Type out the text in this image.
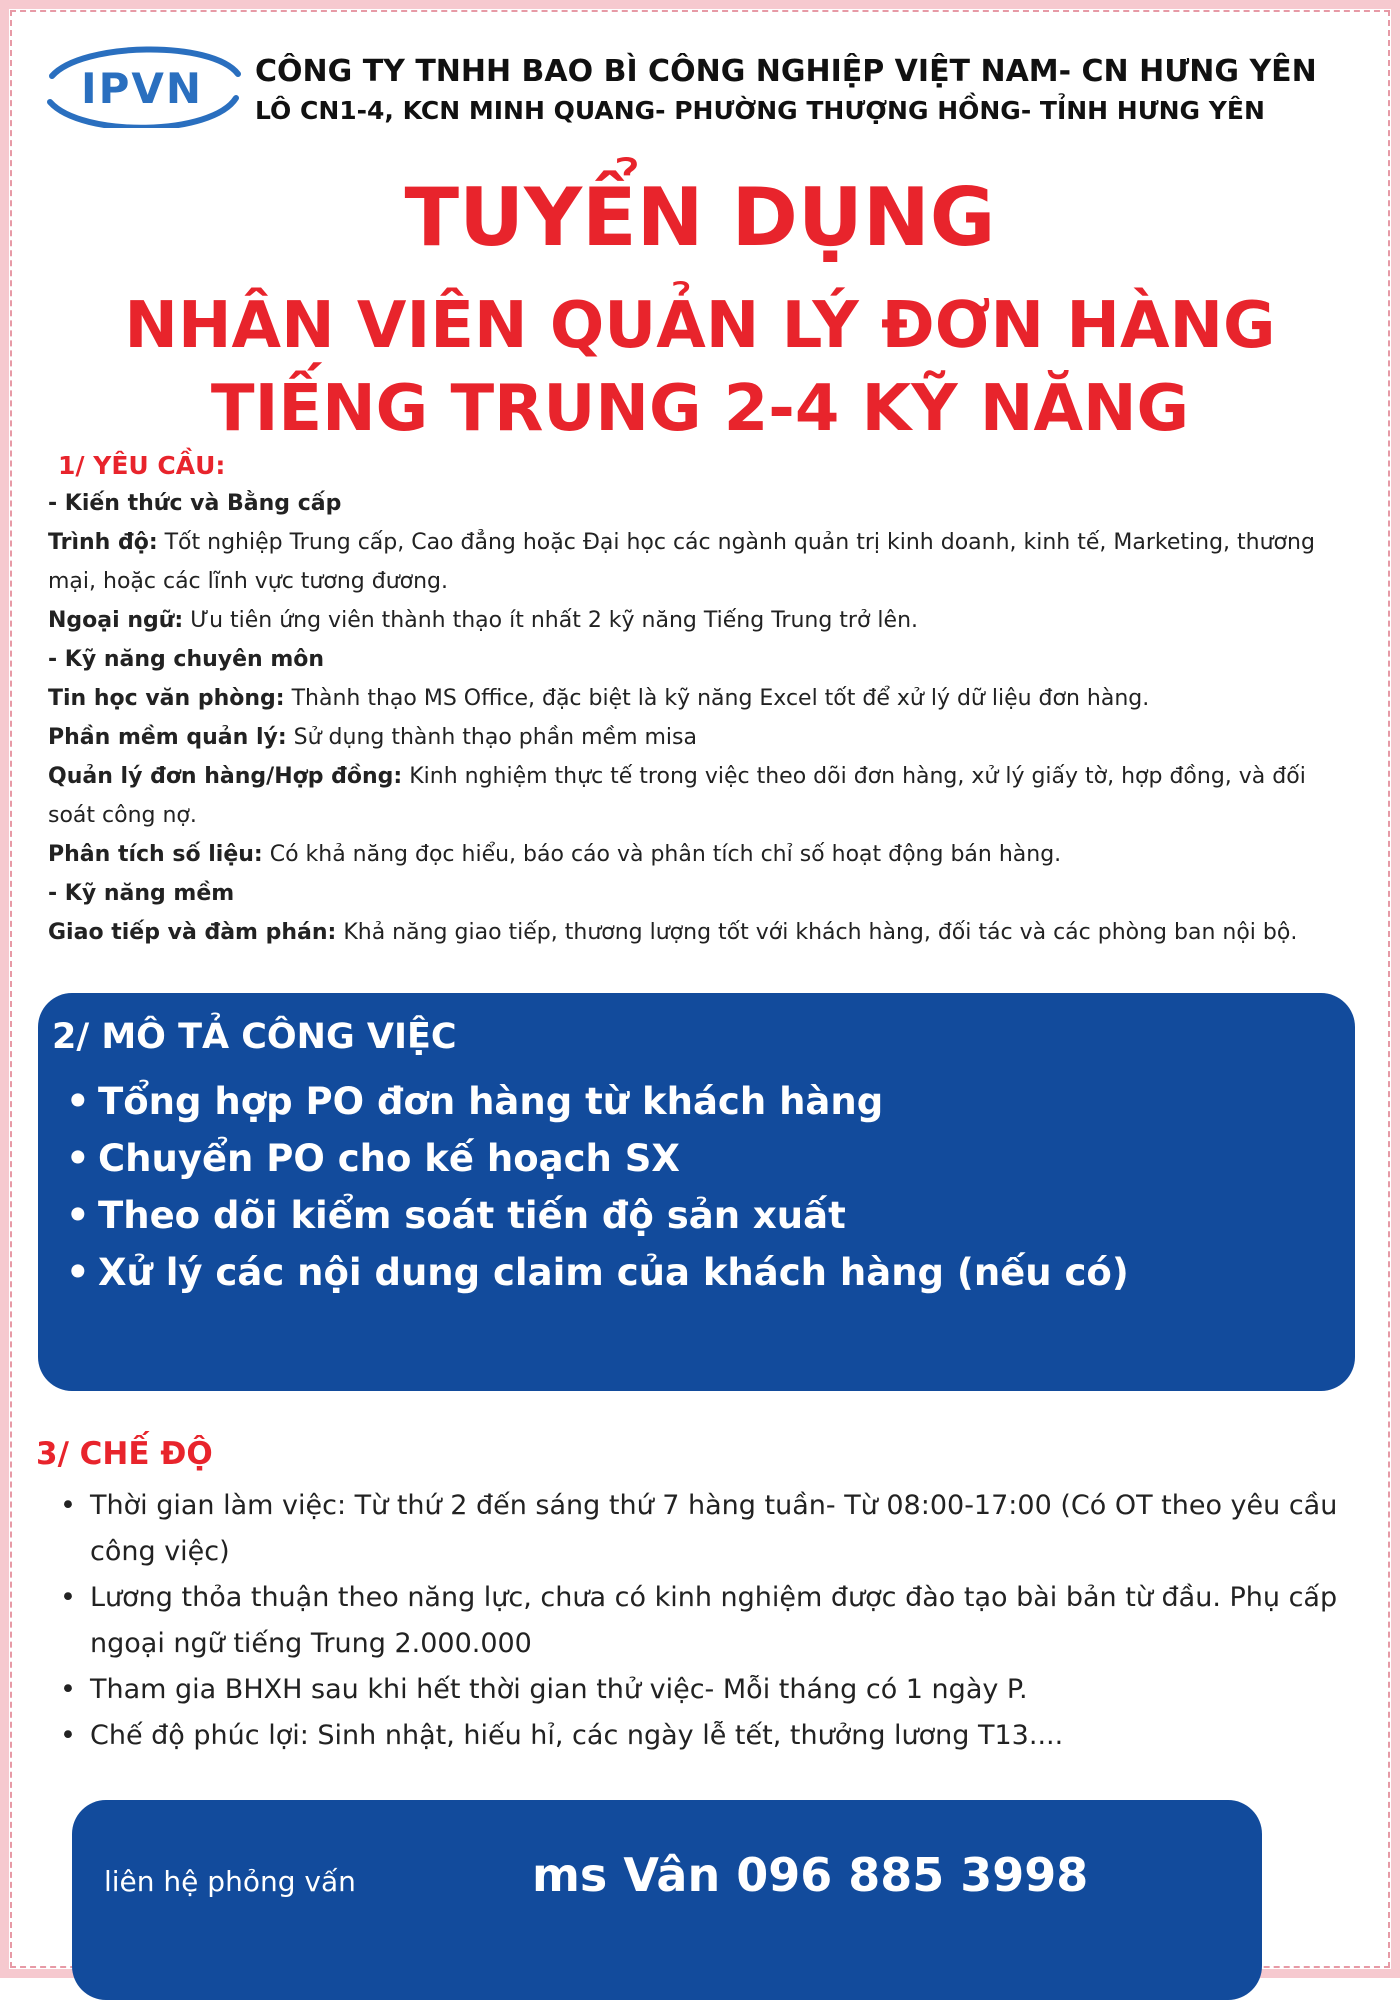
IPVN	CÔNG TY TNHH BAO BÌ CÔNG NGHIỆP VIỆT NAM- CN HƯNG YÊN
LÔ CN1-4, KCN MINH QUANG- PHƯỜNG THƯỢNG HỒNG- TỈNH HƯNG YÊN
TUYỂN DỤNG
NHÂN VIÊN QUẢN LÝ ĐƠN HÀNG
TIẾNG TRUNG 2-4 KỸ NĂNG
1/ YÊU CẦU:

- Kiến thức và Bằng cấp

Trình độ: Tốt nghiệp Trung cấp, Cao đẳng hoặc Đại học các ngành quản trị kinh doanh, kinh tế, Marketing, thương mại, hoặc các lĩnh vực tương đương.

Ngoại ngữ: Ưu tiên ứng viên thành thạo ít nhất 2 kỹ năng Tiếng Trung trở lên.

- Kỹ năng chuyên môn

Tin học văn phòng: Thành thạo MS Office, đặc biệt là kỹ năng Excel tốt để xử lý dữ liệu đơn hàng.

Phần mềm quản lý: Sử dụng thành thạo phần mềm misa

Quản lý đơn hàng/Hợp đồng: Kinh nghiệm thực tế trong việc theo dõi đơn hàng, xử lý giấy tờ, hợp đồng, và đối soát công nợ.

Phân tích số liệu: Có khả năng đọc hiểu, báo cáo và phân tích chỉ số hoạt động bán hàng.

- Kỹ năng mềm

Giao tiếp và đàm phán: Khả năng giao tiếp, thương lượng tốt với khách hàng, đối tác và các phòng ban nội bộ.

2/ MÔ TẢ CÔNG VIỆC
• Tổng hợp PO đơn hàng từ khách hàng
• Chuyển PO cho kế hoạch SX
• Theo dõi kiểm soát tiến độ sản xuất
• Xử lý các nội dung claim của khách hàng (nếu có)
3/ CHẾ ĐỘ
• Thời gian làm việc: Từ thứ 2 đến sáng thứ 7 hàng tuần- Từ 08:00-17:00 (Có OT theo yêu cầu công việc)
• Lương thỏa thuận theo năng lực, chưa có kinh nghiệm được đào tạo bài bản từ đầu. Phụ cấp ngoại ngữ tiếng Trung 2.000.000
• Tham gia BHXH sau khi hết thời gian thử việc- Mỗi tháng có 1 ngày P.
• Chế độ phúc lợi: Sinh nhật, hiếu hỉ, các ngày lễ tết, thưởng lương T13....
liên hệ phỏng vấn	ms Vân 096 885 3998
